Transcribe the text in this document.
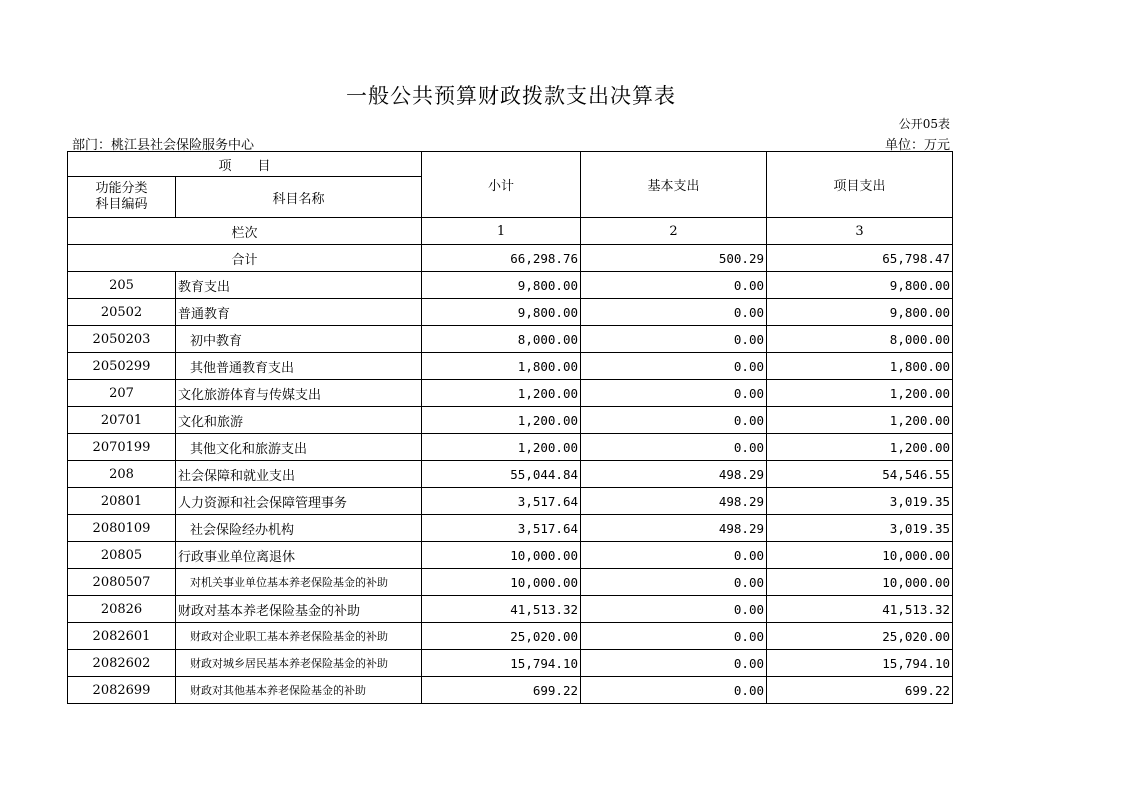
一般公共预算财政拨款支出决算表
公开05表
部门：桃江县社会保险服务中心	单位：万元
项　　目		小计	基本支出	项目支出
功能分类
科目编码	科目名称			
栏次		1	2	3
合计		66,298.76	500.29	65,798.47
205	教育支出	9,800.00	0.00	9,800.00
20502	普通教育	9,800.00	0.00	9,800.00
2050203	初中教育	8,000.00	0.00	8,000.00
2050299	其他普通教育支出	1,800.00	0.00	1,800.00
207	文化旅游体育与传媒支出	1,200.00	0.00	1,200.00
20701	文化和旅游	1,200.00	0.00	1,200.00
2070199	其他文化和旅游支出	1,200.00	0.00	1,200.00
208	社会保障和就业支出	55,044.84	498.29	54,546.55
20801	人力资源和社会保障管理事务	3,517.64	498.29	3,019.35
2080109	社会保险经办机构	3,517.64	498.29	3,019.35
20805	行政事业单位离退休	10,000.00	0.00	10,000.00
2080507	对机关事业单位基本养老保险基金的补助	10,000.00	0.00	10,000.00
20826	财政对基本养老保险基金的补助	41,513.32	0.00	41,513.32
2082601	财政对企业职工基本养老保险基金的补助	25,020.00	0.00	25,020.00
2082602	财政对城乡居民基本养老保险基金的补助	15,794.10	0.00	15,794.10
2082699	财政对其他基本养老保险基金的补助	699.22	0.00	699.22
